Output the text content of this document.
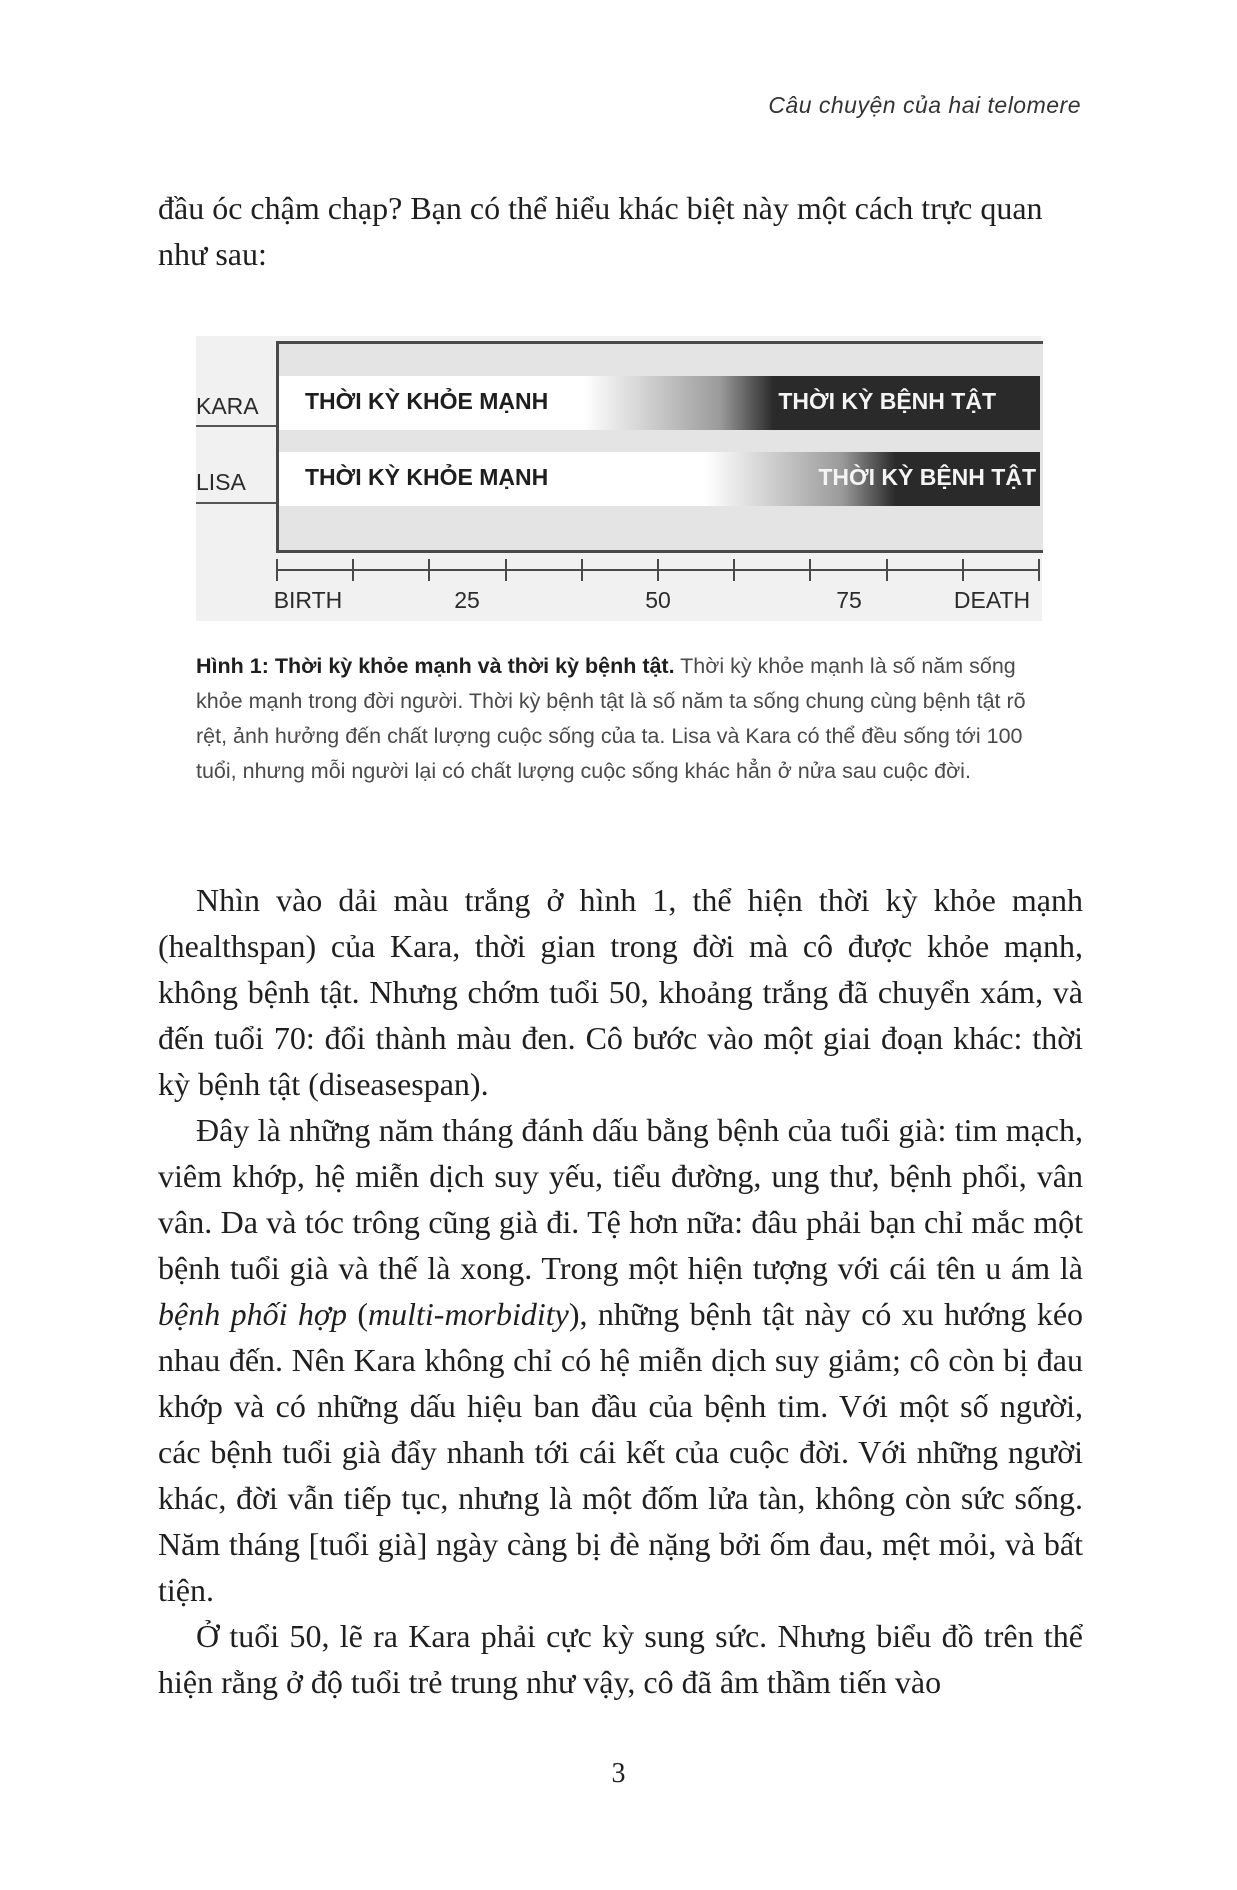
Câu chuyện của hai telomere

đầu óc chậm chạp? Bạn có thể hiểu khác biệt này một cách trực quan như sau:

KARA
LISA
THỜI KỲ KHỎE MẠNH	THỜI KỲ BỆNH TẬT
THỜI KỲ KHỎE MẠNH	THỜI KỲ BỆNH TẬT
BIRTH	25	50	75	DEATH
Hình 1: Thời kỳ khỏe mạnh và thời kỳ bệnh tật. Thời kỳ khỏe mạnh là số năm sống khỏe mạnh trong đời người. Thời kỳ bệnh tật là số năm ta sống chung cùng bệnh tật rõ rệt, ảnh hưởng đến chất lượng cuộc sống của ta. Lisa và Kara có thể đều sống tới 100 tuổi, nhưng mỗi người lại có chất lượng cuộc sống khác hẳn ở nửa sau cuộc đời.

Nhìn vào dải màu trắng ở hình 1, thể hiện thời kỳ khỏe mạnh (healthspan) của Kara, thời gian trong đời mà cô được khỏe mạnh, không bệnh tật. Nhưng chớm tuổi 50, khoảng trắng đã chuyển xám, và đến tuổi 70: đổi thành màu đen. Cô bước vào một giai đoạn khác: thời kỳ bệnh tật (diseasespan).

Đây là những năm tháng đánh dấu bằng bệnh của tuổi già: tim mạch, viêm khớp, hệ miễn dịch suy yếu, tiểu đường, ung thư, bệnh phổi, vân vân. Da và tóc trông cũng già đi. Tệ hơn nữa: đâu phải bạn chỉ mắc một bệnh tuổi già và thế là xong. Trong một hiện tượng với cái tên u ám là bệnh phối hợp (multi-morbidity), những bệnh tật này có xu hướng kéo nhau đến. Nên Kara không chỉ có hệ miễn dịch suy giảm; cô còn bị đau khớp và có những dấu hiệu ban đầu của bệnh tim. Với một số người, các bệnh tuổi già đẩy nhanh tới cái kết của cuộc đời. Với những người khác, đời vẫn tiếp tục, nhưng là một đốm lửa tàn, không còn sức sống. Năm tháng [tuổi già] ngày càng bị đè nặng bởi ốm đau, mệt mỏi, và bất tiện.

Ở tuổi 50, lẽ ra Kara phải cực kỳ sung sức. Nhưng biểu đồ trên thể hiện rằng ở độ tuổi trẻ trung như vậy, cô đã âm thầm tiến vào

3
